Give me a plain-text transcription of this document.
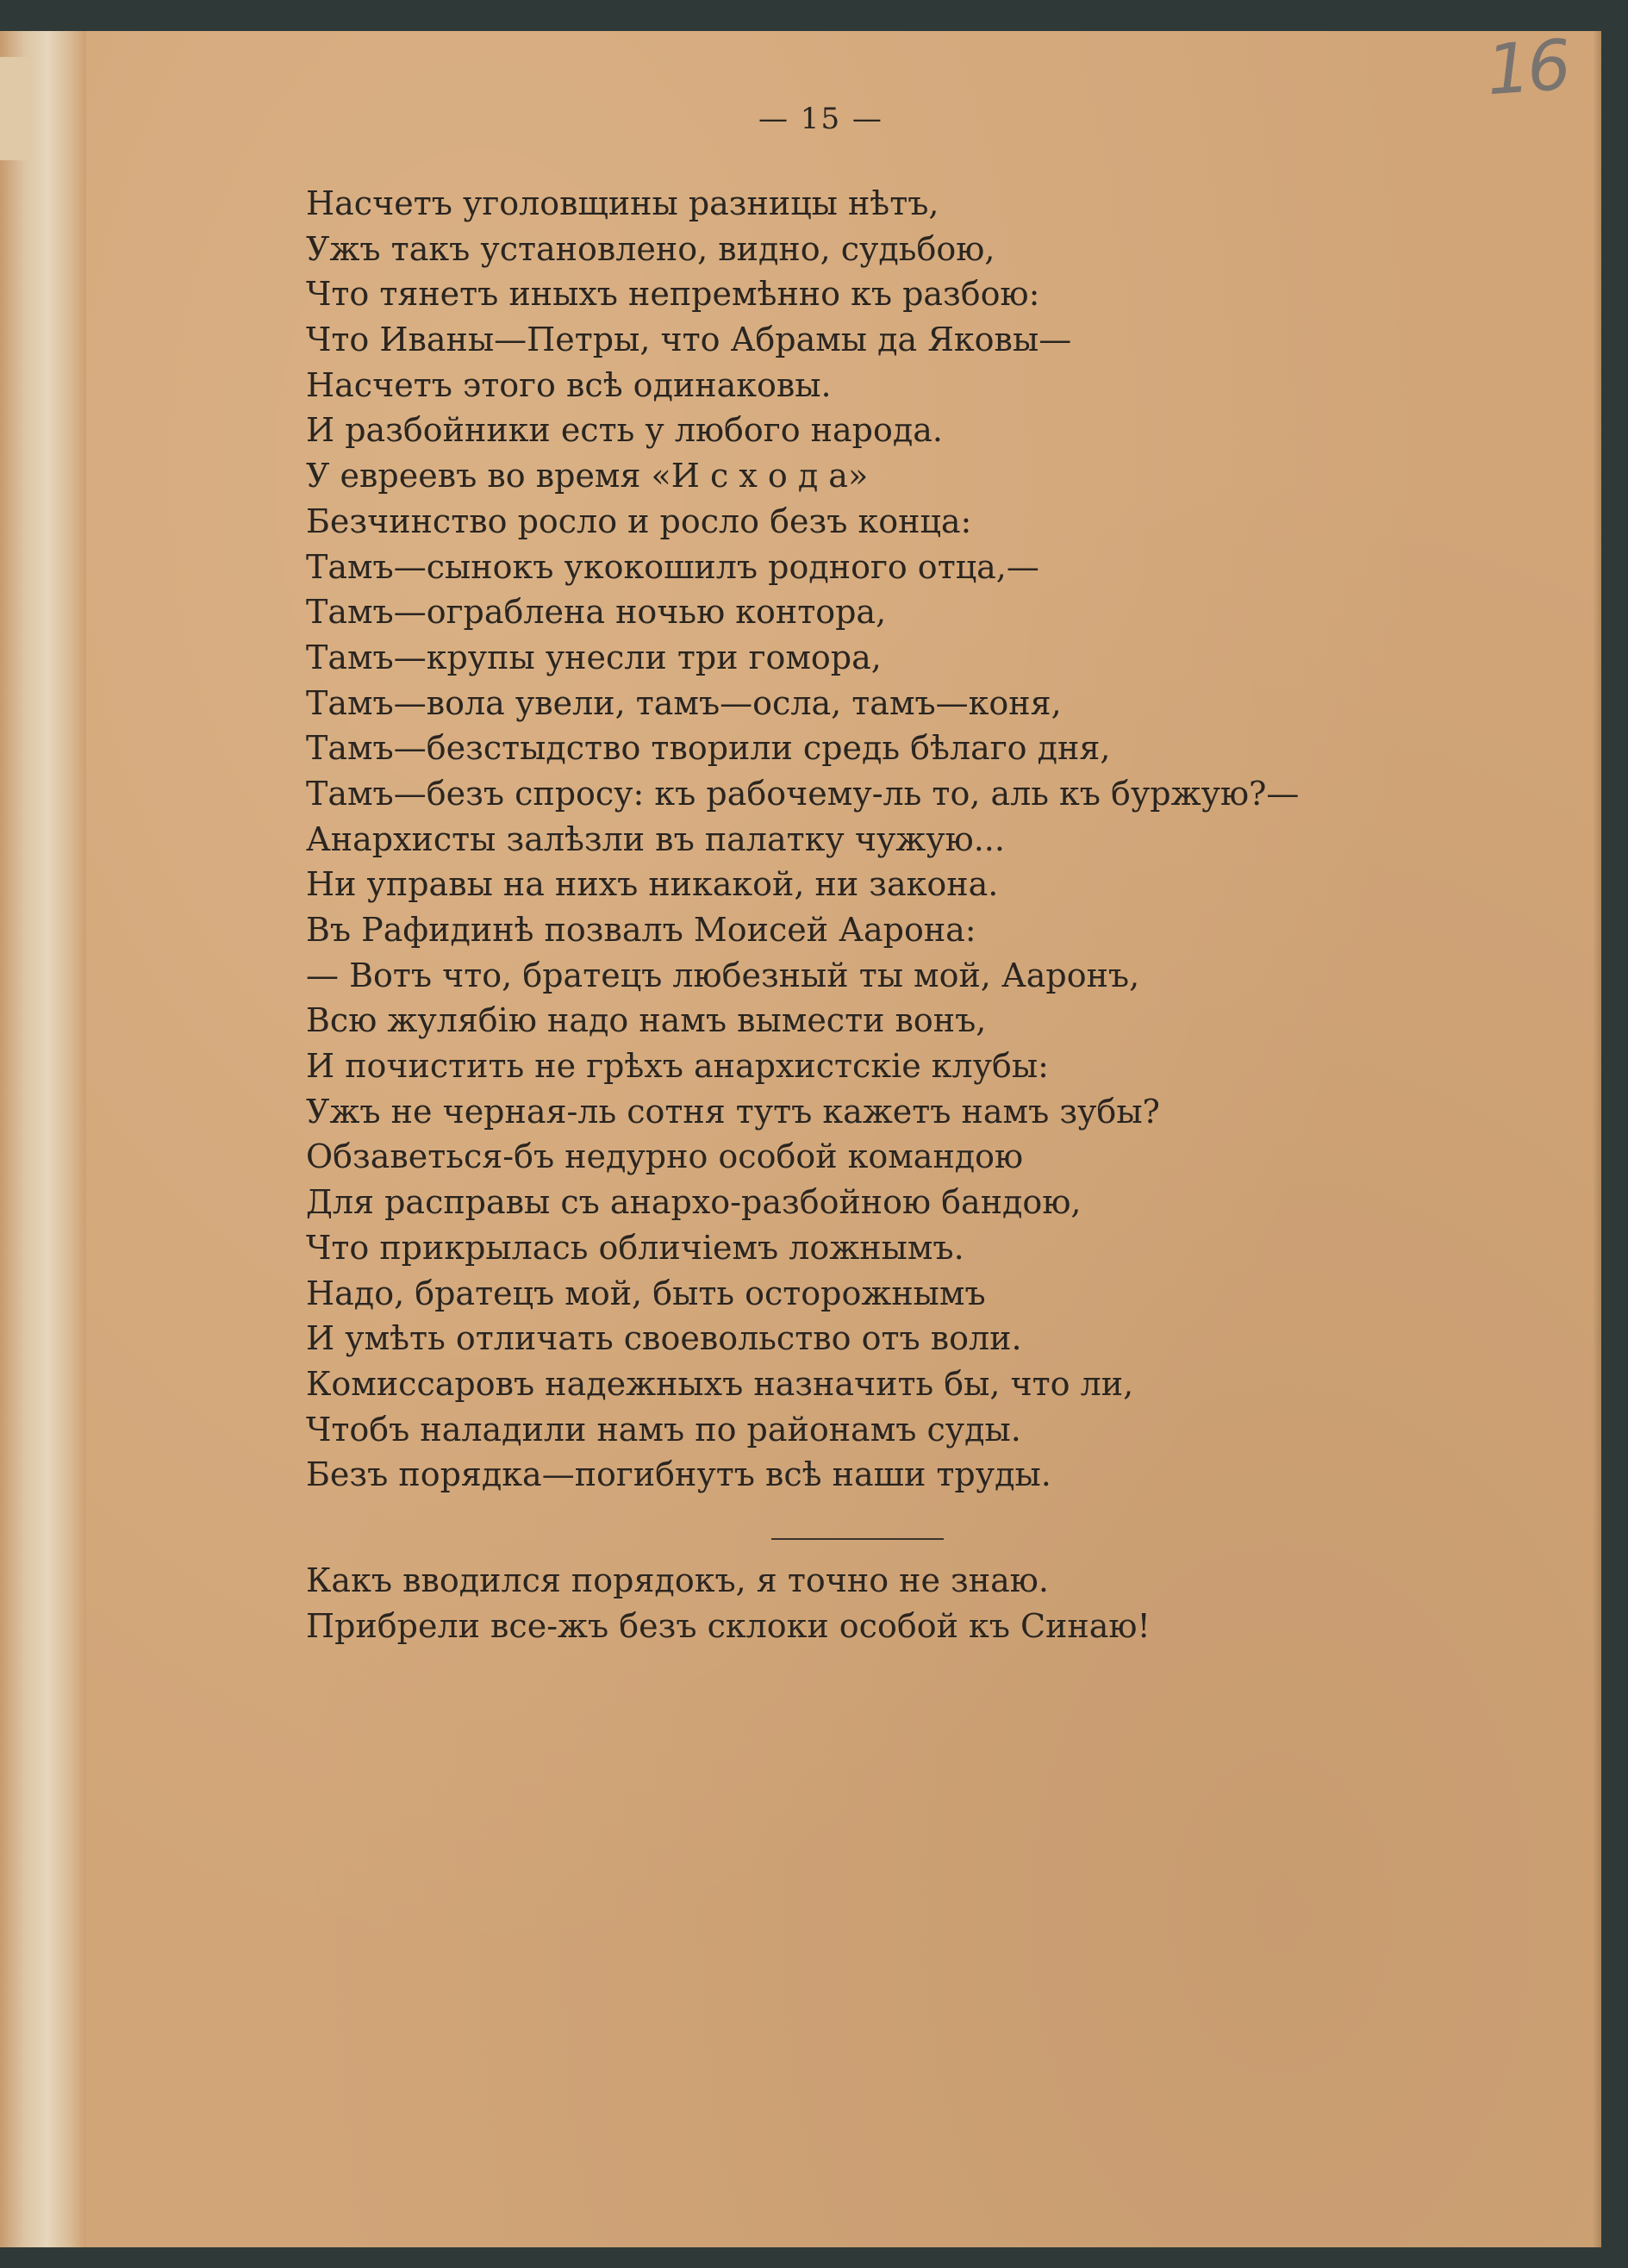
— 15 —
16
Насчетъ уголовщины разницы нѣтъ,
Ужъ такъ установлено, видно, судьбою,
Что тянетъ иныхъ непремѣнно къ разбою:
Что Иваны—Петры, что Абрамы да Яковы—
Насчетъ этого всѣ одинаковы.
И разбойники есть у любого народа.
У евреевъ во время «И с х о д а»
Безчинство росло и росло безъ конца:
Тамъ—сынокъ укокошилъ родного отца,—
Тамъ—ограблена ночью контора,
Тамъ—крупы унесли три гомора,
Тамъ—вола увели, тамъ—осла, тамъ—коня,
Тамъ—безстыдство творили средь бѣлаго дня,
Тамъ—безъ спросу: къ рабочему-ль то, аль къ буржую?—
Анархисты залѣзли въ палатку чужую...
Ни управы на нихъ никакой, ни закона.
Въ Рафидинѣ позвалъ Моисей Аарона:
— Вотъ что, братецъ любезный ты мой, Ааронъ,
Всю жулябію надо намъ вымести вонъ,
И почистить не грѣхъ анархистскіе клубы:
Ужъ не черная-ль сотня тутъ кажетъ намъ зубы?
Обзаветься-бъ недурно особой командою
Для расправы съ анархо-разбойною бандою,
Что прикрылась обличіемъ ложнымъ.
Надо, братецъ мой, быть осторожнымъ
И умѣть отличать своевольство отъ воли.
Комиссаровъ надежныхъ назначить бы, что ли,
Чтобъ наладили намъ по районамъ суды.
Безъ порядка—погибнутъ всѣ наши труды.
Какъ вводился порядокъ, я точно не знаю.
Прибрели все-жъ безъ склоки особой къ Синаю!
